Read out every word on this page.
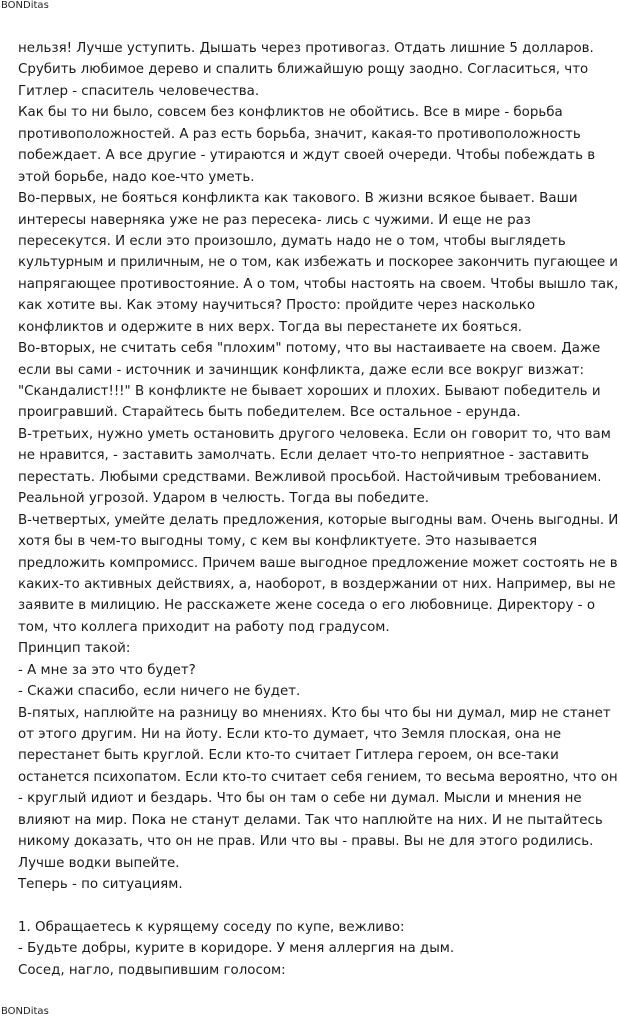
BONDitas
нельзя! Лучше уступить. Дышать через противогаз. Отдать лишние 5 долларов.
Срубить любимое дерево и спалить ближайшую рощу заодно. Согласиться, что
Гитлер - спаситель человечества.
Как бы то ни было, совсем без конфликтов не обойтись. Все в мире - борьба
противоположностей. А раз есть борьба, значит, какая-то противоположность
побеждает. А все другие - утираются и ждут своей очереди. Чтобы побеждать в
этой борьбе, надо кое-что уметь.
Во-первых, не бояться конфликта как такового. В жизни всякое бывает. Ваши
интересы наверняка уже не раз пересека- лись с чужими. И еще не раз
пересекутся. И если это произошло, думать надо не о том, чтобы выглядеть
культурным и приличным, не о том, как избежать и поскорее закончить пугающее и
напрягающее противостояние. А о том, чтобы настоять на своем. Чтобы вышло так,
как хотите вы. Как этому научиться? Просто: пройдите через насколько
конфликтов и одержите в них верх. Тогда вы перестанете их бояться.
Во-вторых, не считать себя "плохим" потому, что вы настаиваете на своем. Даже
если вы сами - источник и зачинщик конфликта, даже если все вокруг визжат:
"Скандалист!!!" В конфликте не бывает хороших и плохих. Бывают победитель и
проигравший. Старайтесь быть победителем. Все остальное - ерунда.
В-третьих, нужно уметь остановить другого человека. Если он говорит то, что вам
не нравится, - заставить замолчать. Если делает что-то неприятное - заставить
перестать. Любыми средствами. Вежливой просьбой. Настойчивым требованием.
Реальной угрозой. Ударом в челюсть. Тогда вы победите.
В-четвертых, умейте делать предложения, которые выгодны вам. Очень выгодны. И
хотя бы в чем-то выгодны тому, с кем вы конфликтуете. Это называется
предложить компромисс. Причем ваше выгодное предложение может состоять не в
каких-то активных действиях, а, наоборот, в воздержании от них. Например, вы не
заявите в милицию. Не расскажете жене соседа о его любовнице. Директору - о
том, что коллега приходит на работу под градусом.
Принцип такой:
- А мне за это что будет?
- Скажи спасибо, если ничего не будет.
В-пятых, наплюйте на разницу во мнениях. Кто бы что бы ни думал, мир не станет
от этого другим. Ни на йоту. Если кто-то думает, что Земля плоская, она не
перестанет быть круглой. Если кто-то считает Гитлера героем, он все-таки
останется психопатом. Если кто-то считает себя гением, то весьма вероятно, что он
- круглый идиот и бездарь. Что бы он там о себе ни думал. Мысли и мнения не
влияют на мир. Пока не станут делами. Так что наплюйте на них. И не пытайтесь
никому доказать, что он не прав. Или что вы - правы. Вы не для этого родились.
Лучше водки выпейте.
Теперь - по ситуациям.
1. Обращаетесь к курящему соседу по купе, вежливо:
- Будьте добры, курите в коридоре. У меня аллергия на дым.
Сосед, нагло, подвыпившим голосом:
BONDitas
